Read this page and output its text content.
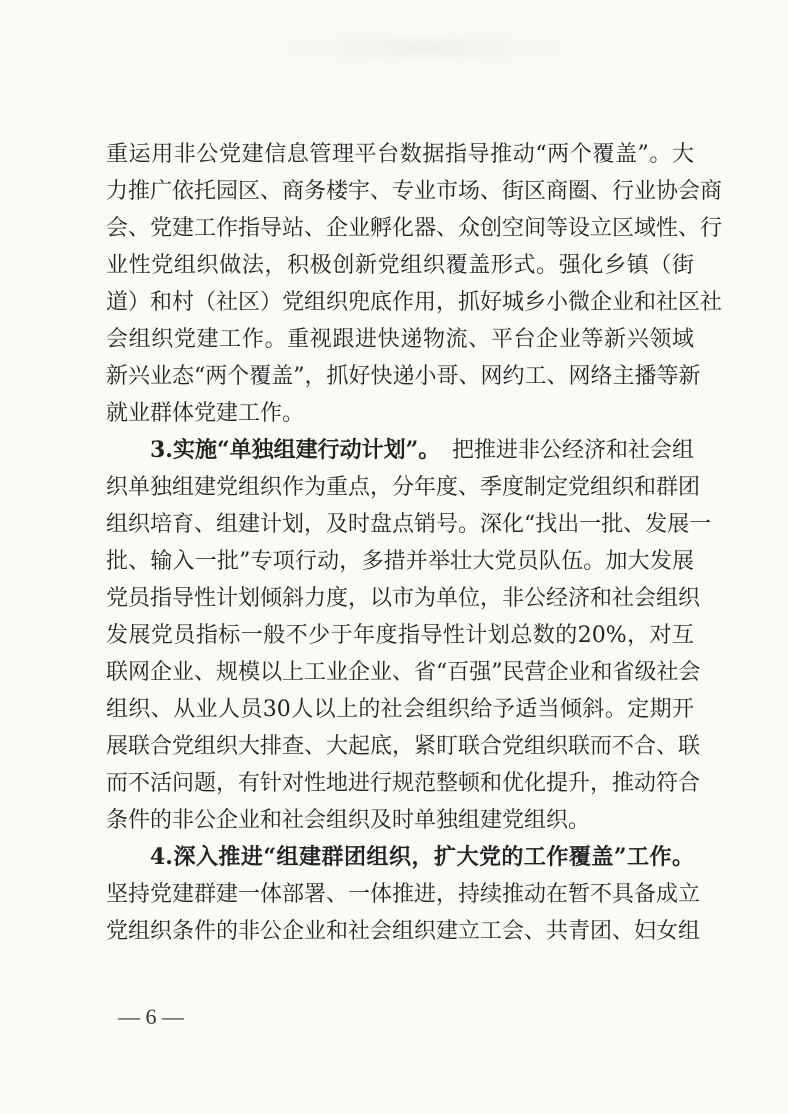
重运用非公党建信息管理平台数据指导推动“两个覆盖”。大
力推广依托园区、商务楼宇、专业市场、街区商圈、行业协会商
会、党建工作指导站、企业孵化器、众创空间等设立区域性、行
业性党组织做法，积极创新党组织覆盖形式。强化乡镇（街
道）和村（社区）党组织兜底作用，抓好城乡小微企业和社区社
会组织党建工作。重视跟进快递物流、平台企业等新兴领域
新兴业态“两个覆盖”，抓好快递小哥、网约工、网络主播等新
就业群体党建工作。
3.实施“单独组建行动计划”。 把推进非公经济和社会组
织单独组建党组织作为重点，分年度、季度制定党组织和群团
组织培育、组建计划，及时盘点销号。深化“找出一批、发展一
批、输入一批”专项行动，多措并举壮大党员队伍。加大发展
党员指导性计划倾斜力度，以市为单位，非公经济和社会组织
发展党员指标一般不少于年度指导性计划总数的20%，对互
联网企业、规模以上工业企业、省“百强”民营企业和省级社会
组织、从业人员30人以上的社会组织给予适当倾斜。定期开
展联合党组织大排查、大起底，紧盯联合党组织联而不合、联
而不活问题，有针对性地进行规范整顿和优化提升，推动符合
条件的非公企业和社会组织及时单独组建党组织。
4.深入推进“组建群团组织，扩大党的工作覆盖”工作。
坚持党建群建一体部署、一体推进，持续推动在暂不具备成立
党组织条件的非公企业和社会组织建立工会、共青团、妇女组
— 6 —
